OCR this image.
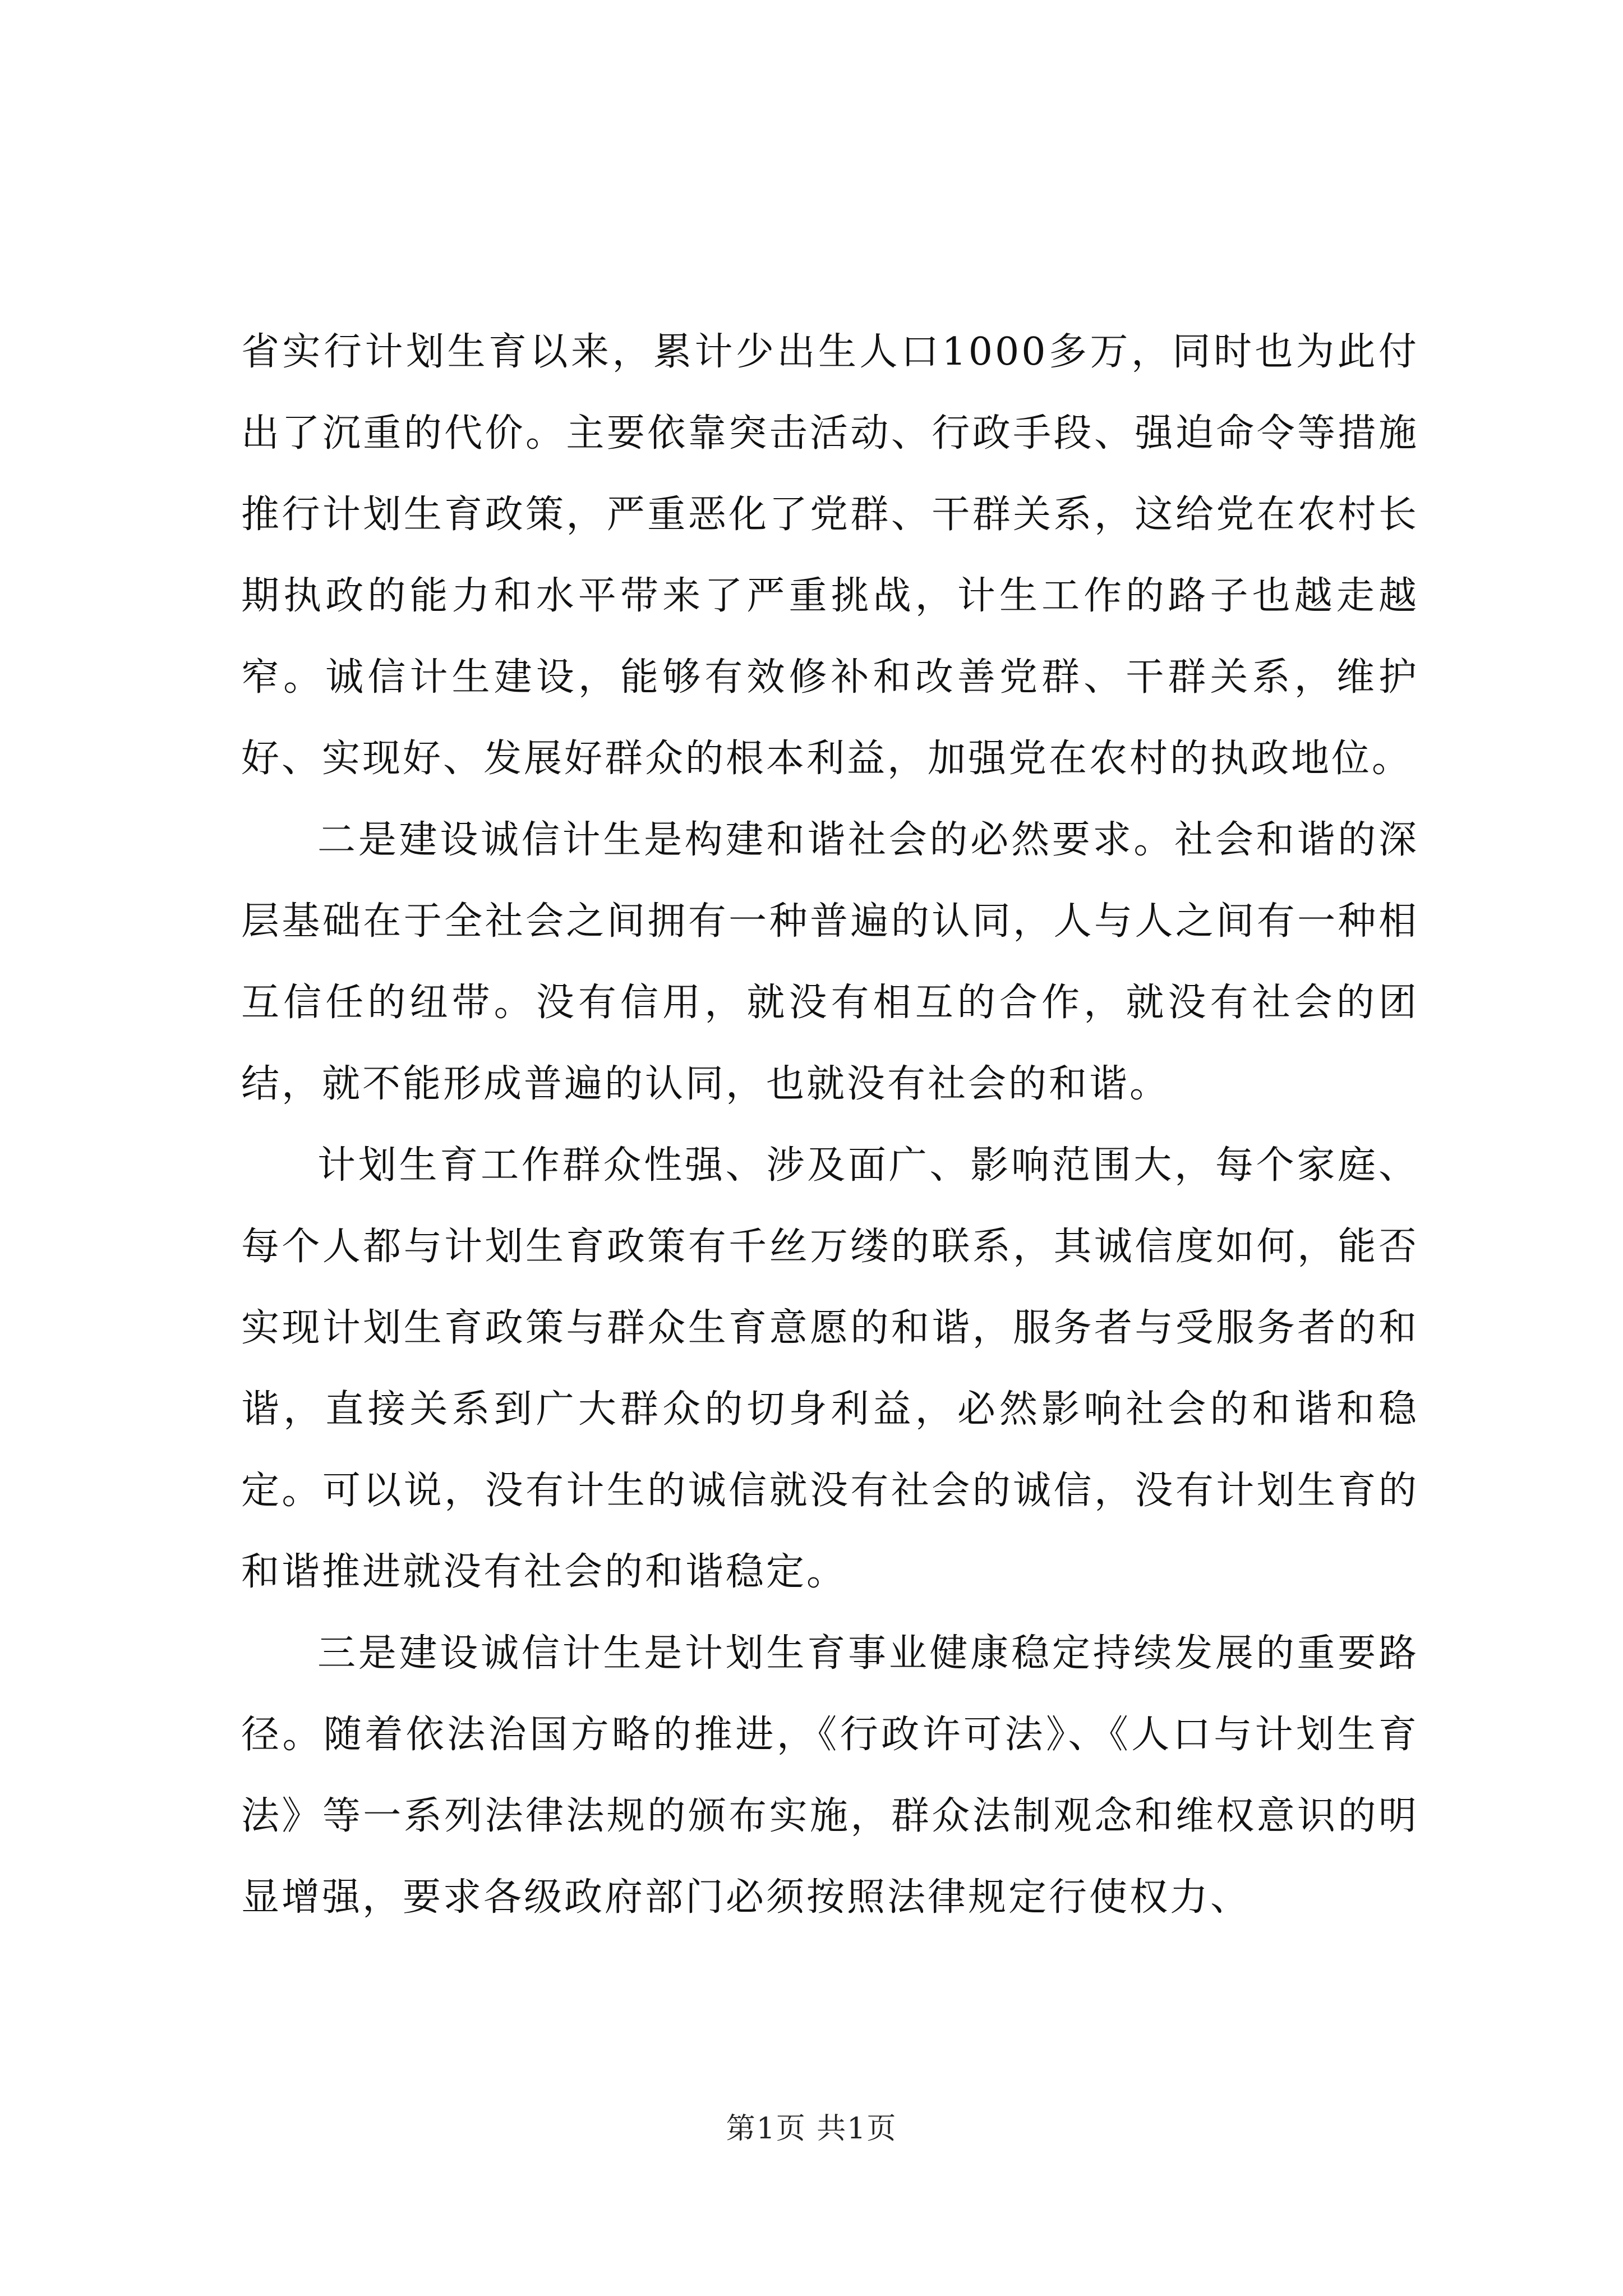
省实行计划生育以来，累计少出生人口1000多万，同时也为此付出了沉重的代价。主要依靠突击活动、行政手段、强迫命令等措施推行计划生育政策，严重恶化了党群、干群关系，这给党在农村长期执政的能力和水平带来了严重挑战，计生工作的路子也越走越窄。诚信计生建设，能够有效修补和改善党群、干群关系，维护好、实现好、发展好群众的根本利益，加强党在农村的执政地位。

二是建设诚信计生是构建和谐社会的必然要求。社会和谐的深层基础在于全社会之间拥有一种普遍的认同，人与人之间有一种相互信任的纽带。没有信用，就没有相互的合作，就没有社会的团结，就不能形成普遍的认同，也就没有社会的和谐。

计划生育工作群众性强、涉及面广、影响范围大，每个家庭、每个人都与计划生育政策有千丝万缕的联系，其诚信度如何，能否实现计划生育政策与群众生育意愿的和谐，服务者与受服务者的和谐，直接关系到广大群众的切身利益，必然影响社会的和谐和稳定。可以说，没有计生的诚信就没有社会的诚信，没有计划生育的和谐推进就没有社会的和谐稳定。

三是建设诚信计生是计划生育事业健康稳定持续发展的重要路径。随着依法治国方略的推进，《行政许可法》、《人口与计划生育法》等一系列法律法规的颁布实施，群众法制观念和维权意识的明显增强，要求各级政府部门必须按照法律规定行使权力、

第1页 共1页
